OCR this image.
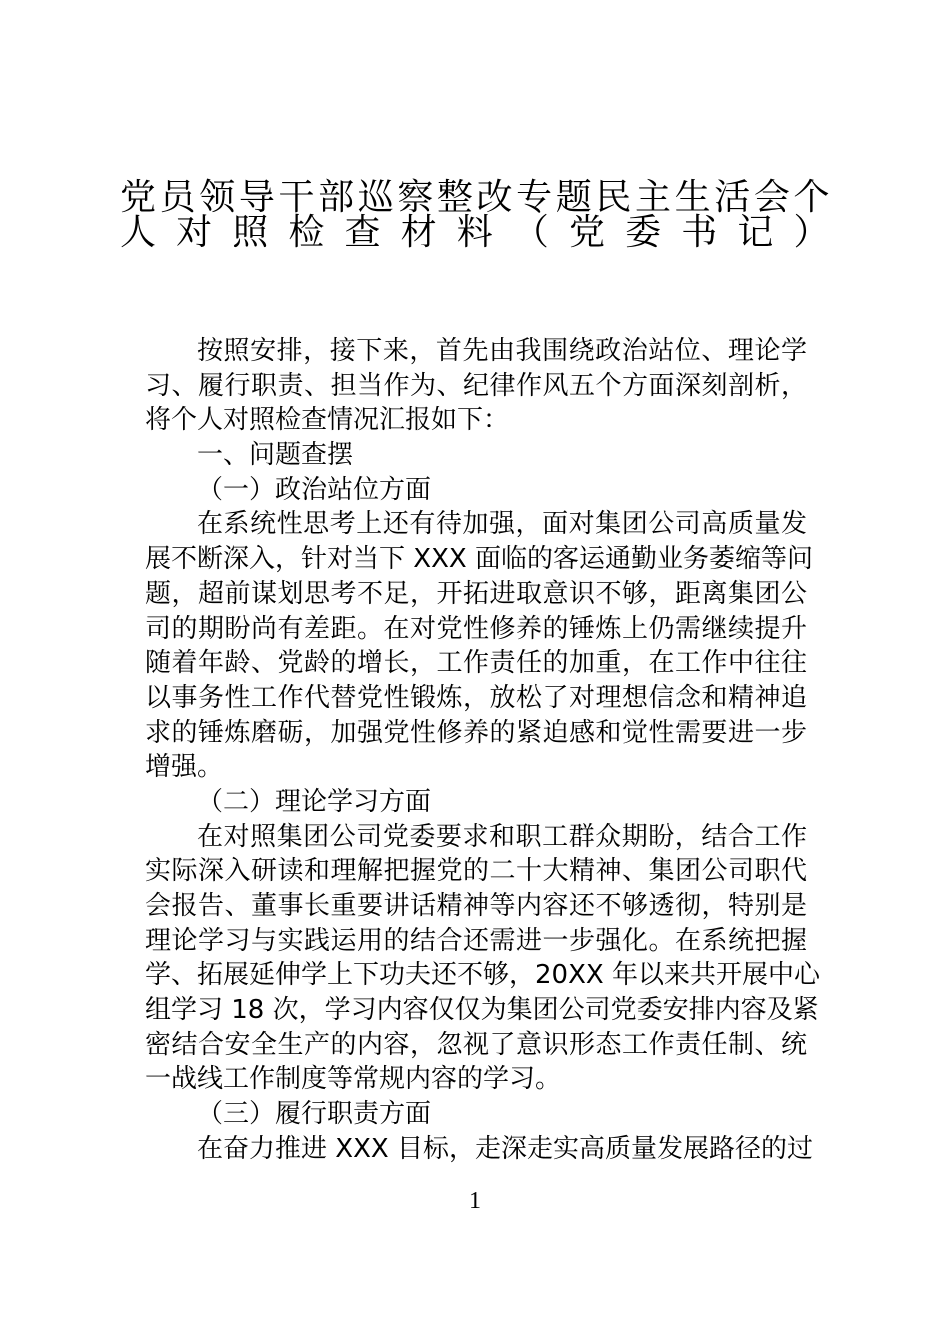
党员领导干部巡察整改专题民主生活会个
人对照检查材料（党委书记）
按照安排，接下来，首先由我围绕政治站位、理论学
习、履行职责、担当作为、纪律作风五个方面深刻剖析，
将个人对照检查情况汇报如下：
一、问题查摆
（一）政治站位方面
在系统性思考上还有待加强，面对集团公司高质量发
展不断深入，针对当下 XXX 面临的客运通勤业务萎缩等问
题，超前谋划思考不足，开拓进取意识不够，距离集团公
司的期盼尚有差距。在对党性修养的锤炼上仍需继续提升
随着年龄、党龄的增长，工作责任的加重，在工作中往往
以事务性工作代替党性锻炼，放松了对理想信念和精神追
求的锤炼磨砺，加强党性修养的紧迫感和觉性需要进一步
增强。
（二）理论学习方面
在对照集团公司党委要求和职工群众期盼，结合工作
实际深入研读和理解把握党的二十大精神、集团公司职代
会报告、董事长重要讲话精神等内容还不够透彻，特别是
理论学习与实践运用的结合还需进一步强化。在系统把握
学、拓展延伸学上下功夫还不够，20XX 年以来共开展中心
组学习 18 次，学习内容仅仅为集团公司党委安排内容及紧
密结合安全生产的内容，忽视了意识形态工作责任制、统
一战线工作制度等常规内容的学习。
（三）履行职责方面
在奋力推进 XXX 目标，走深走实高质量发展路径的过
1
